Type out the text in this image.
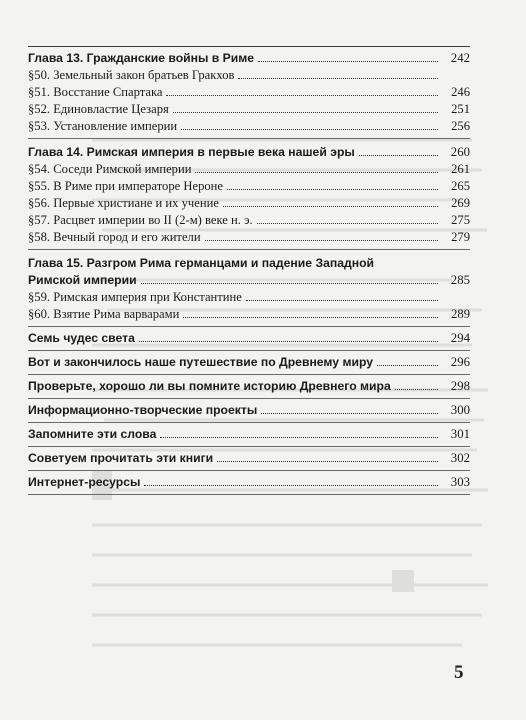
Глава 13. Гражданские войны в Риме	242
§50. Земельный закон братьев Гракхов
§51. Восстание Спартака	246
§52. Единовластие Цезаря	251
§53. Установление империи	256
Глава 14. Римская империя в первые века нашей эры	260
§54. Соседи Римской империи	261
§55. В Риме при императоре Нероне	265
§56. Первые христиане и их учение	269
§57. Расцвет империи во II (2-м) веке н. э.	275
§58. Вечный город и его жители	279
Глава 15. Разгром Рима германцами и падение Западной
Римской империи	285
§59. Римская империя при Константине
§60. Взятие Рима варварами	289
Семь чудес света	294
Вот и закончилось наше путешествие по Древнему миру	296
Проверьте, хорошо ли вы помните историю Древнего мира	298
Информационно-творческие проекты	300
Запомните эти слова	301
Советуем прочитать эти книги	302
Интернет-ресурсы	303
5
